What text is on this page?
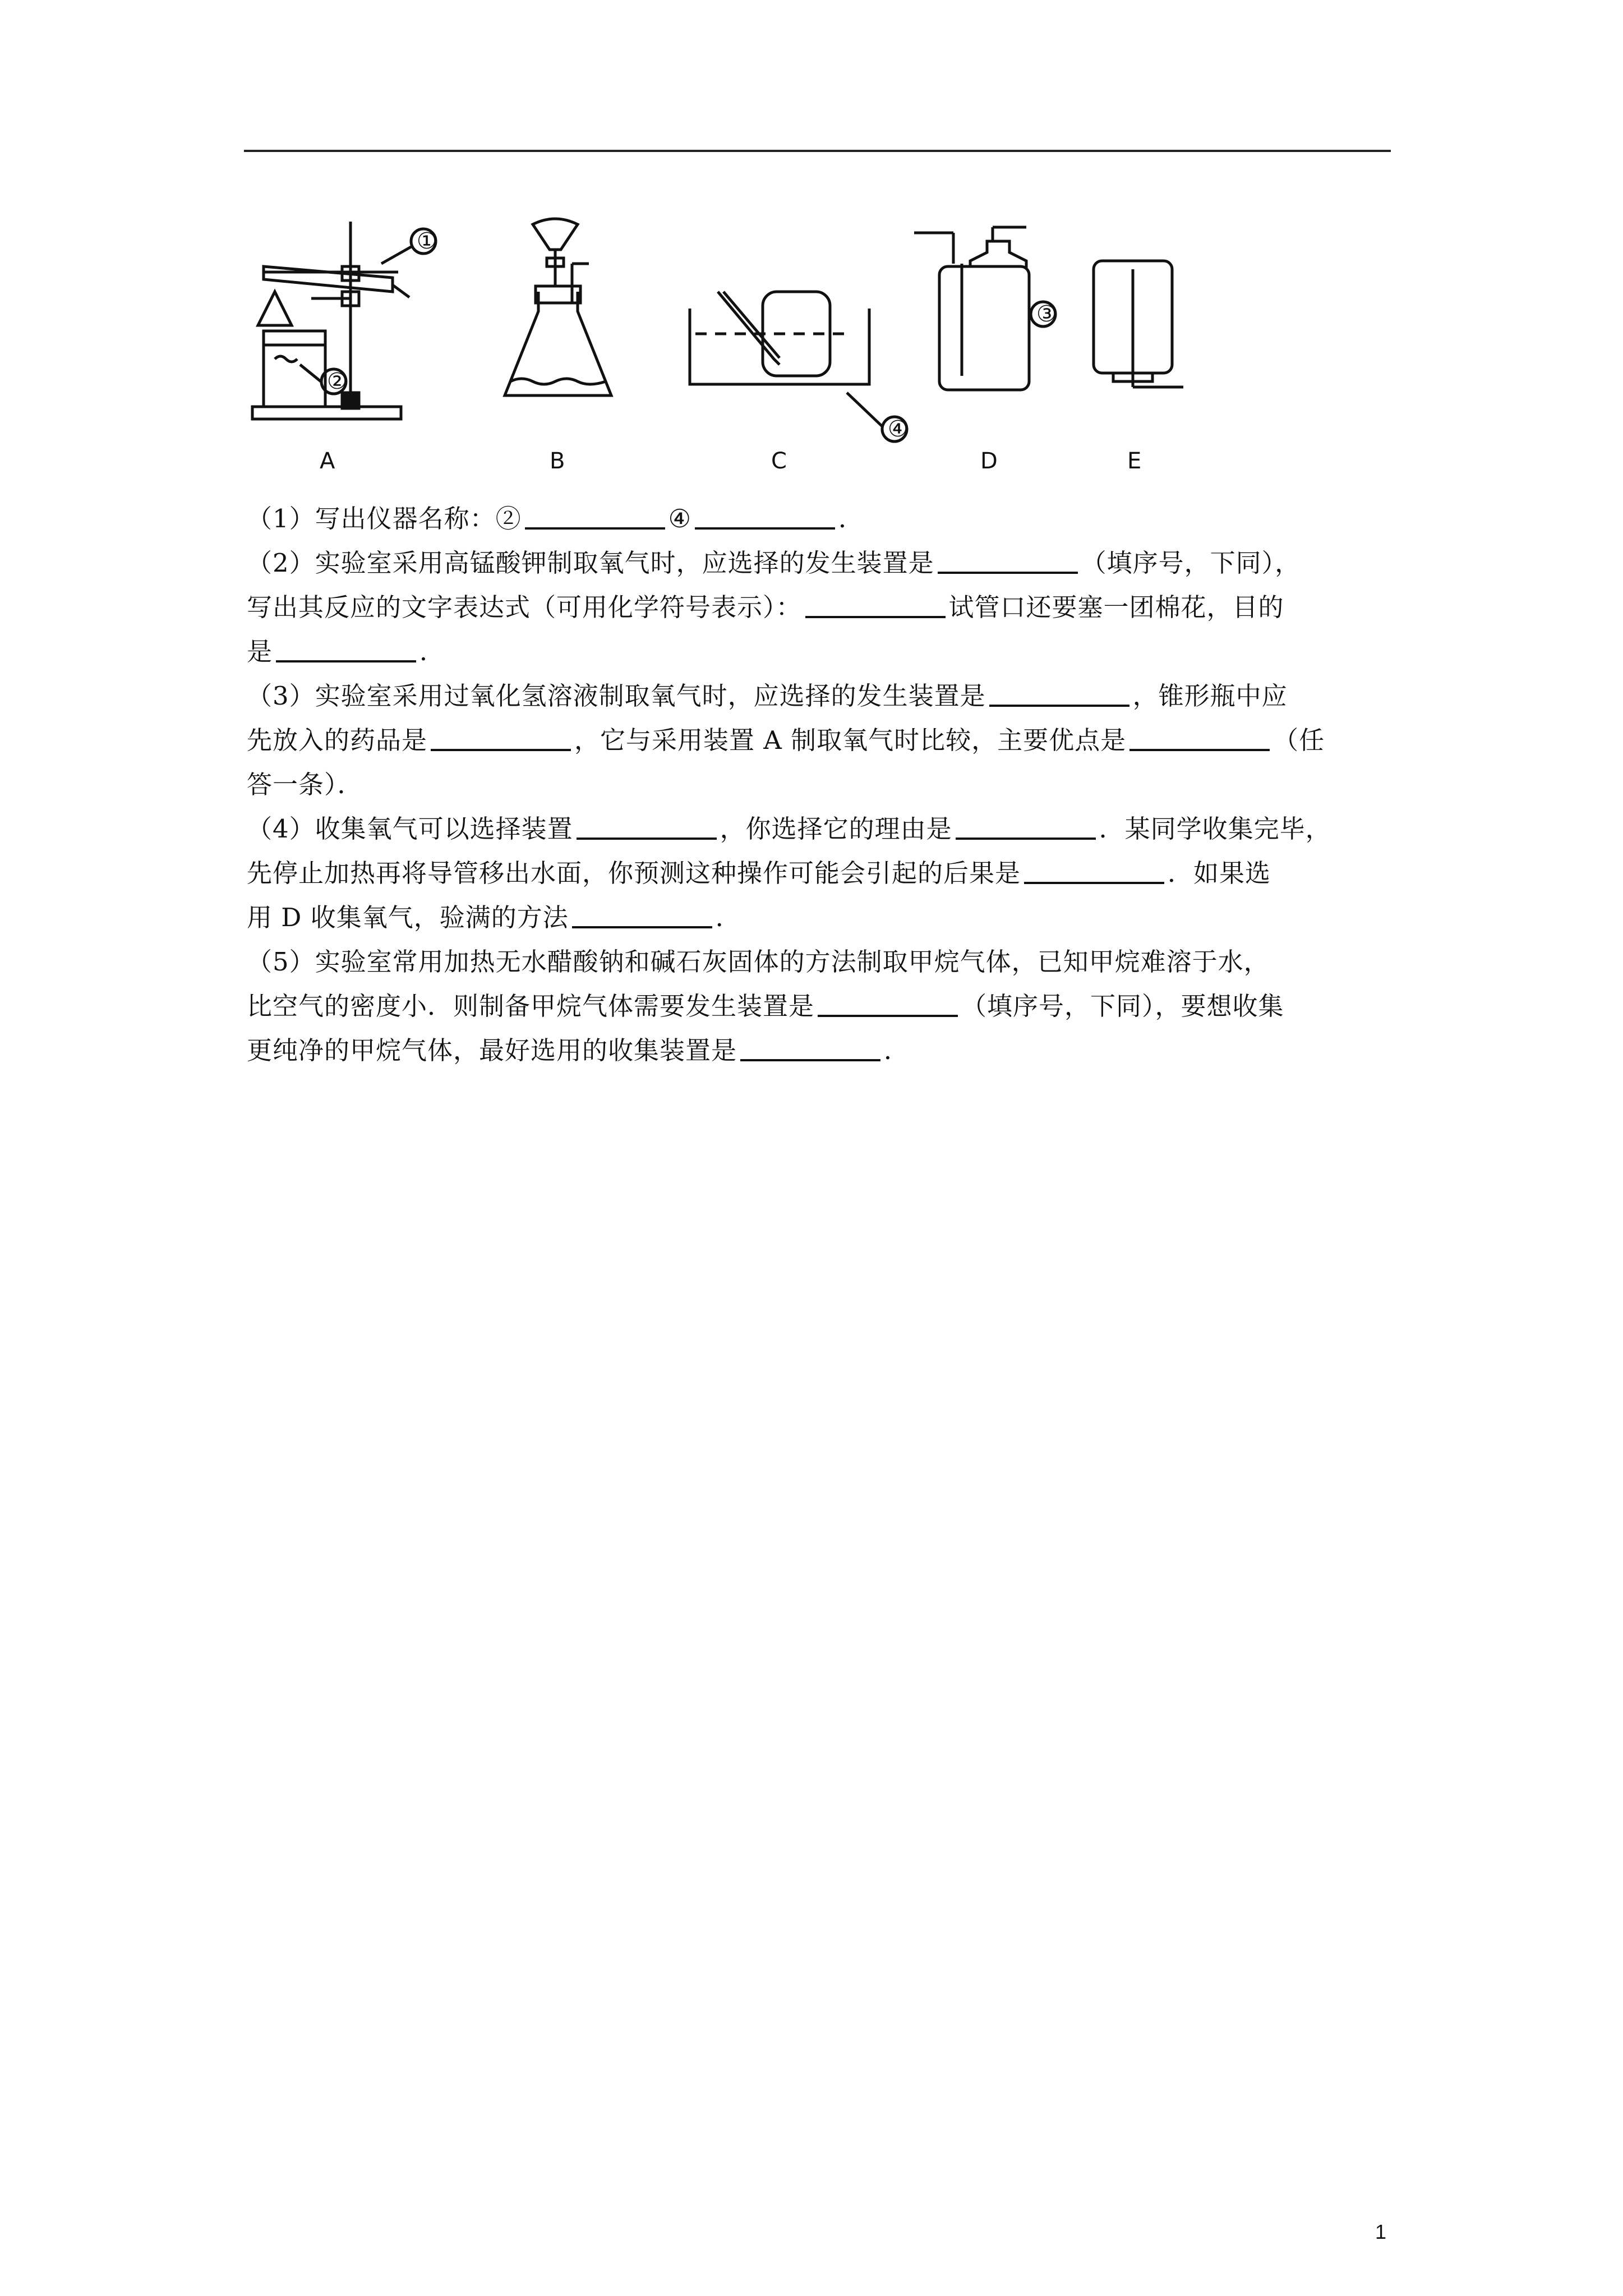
①
②
④
③
A	B	C	D	E
（1）写出仪器名称：②	④	．
（2）实验室采用高锰酸钾制取氧气时，应选择的发生装置是	（填序号，下同），
写出其反应的文字表达式（可用化学符号表示）：	试管口还要塞一团棉花，目的
是	．
（3）实验室采用过氧化氢溶液制取氧气时，应选择的发生装置是	，锥形瓶中应
先放入的药品是	，它与采用装置 A 制取氧气时比较，主要优点是	（任
答一条）．
（4）收集氧气可以选择装置	，你选择它的理由是	．某同学收集完毕，
先停止加热再将导管移出水面，你预测这种操作可能会引起的后果是	．如果选
用 D 收集氧气，验满的方法	．
（5）实验室常用加热无水醋酸钠和碱石灰固体的方法制取甲烷气体，已知甲烷难溶于水，
比空气的密度小．则制备甲烷气体需要发生装置是	（填序号，下同），要想收集
更纯净的甲烷气体，最好选用的收集装置是	．
1
